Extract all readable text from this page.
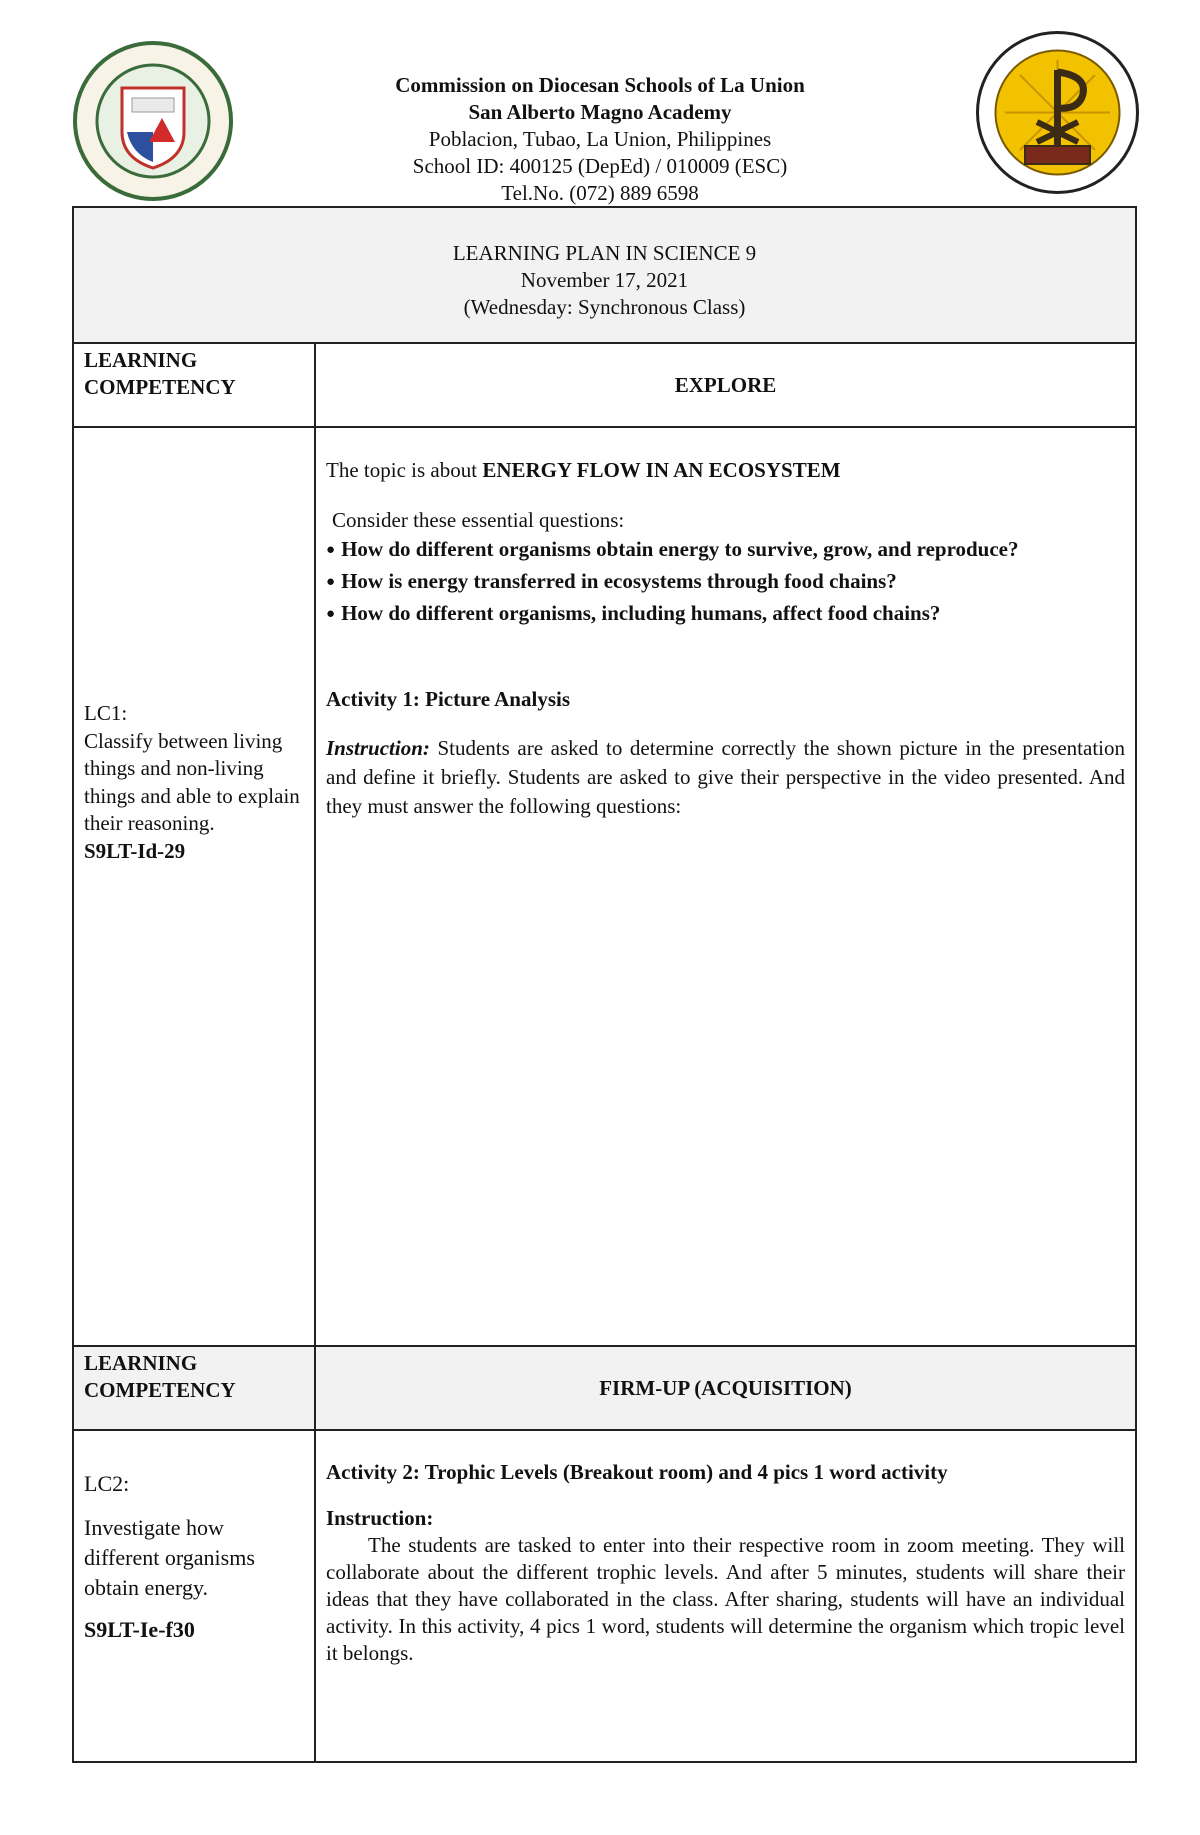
Commission on Diocesan Schools of La Union
San Alberto Magno Academy
Poblacion, Tubao, La Union, Philippines
School ID: 400125 (DepEd) / 010009 (ESC)
Tel.No. (072) 889 6598
LEARNING PLAN IN SCIENCE 9
November 17, 2021
(Wednesday: Synchronous Class)
LEARNING COMPETENCY	EXPLORE
LC1:
Classify between living things and non-living things and able to explain their reasoning.
S9LT-Id-29
The topic is about ENERGY FLOW IN AN ECOSYSTEM
Consider these essential questions:
● How do different organisms obtain energy to survive, grow, and reproduce?
● How is energy transferred in ecosystems through food chains?
● How do different organisms, including humans, affect food chains?
Activity 1: Picture Analysis
Instruction: Students are asked to determine correctly the shown picture in the presentation and define it briefly. Students are asked to give their perspective in the video presented. And they must answer the following questions:
LEARNING COMPETENCY	FIRM-UP (ACQUISITION)
LC2:
Investigate how different organisms obtain energy.
S9LT-Ie-f30
Activity 2: Trophic Levels (Breakout room) and 4 pics 1 word activity
Instruction:
The students are tasked to enter into their respective room in zoom meeting. They will collaborate about the different trophic levels. And after 5 minutes, students will share their ideas that they have collaborated in the class. After sharing, students will have an individual activity. In this activity, 4 pics 1 word, students will determine the organism which tropic level it belongs.
